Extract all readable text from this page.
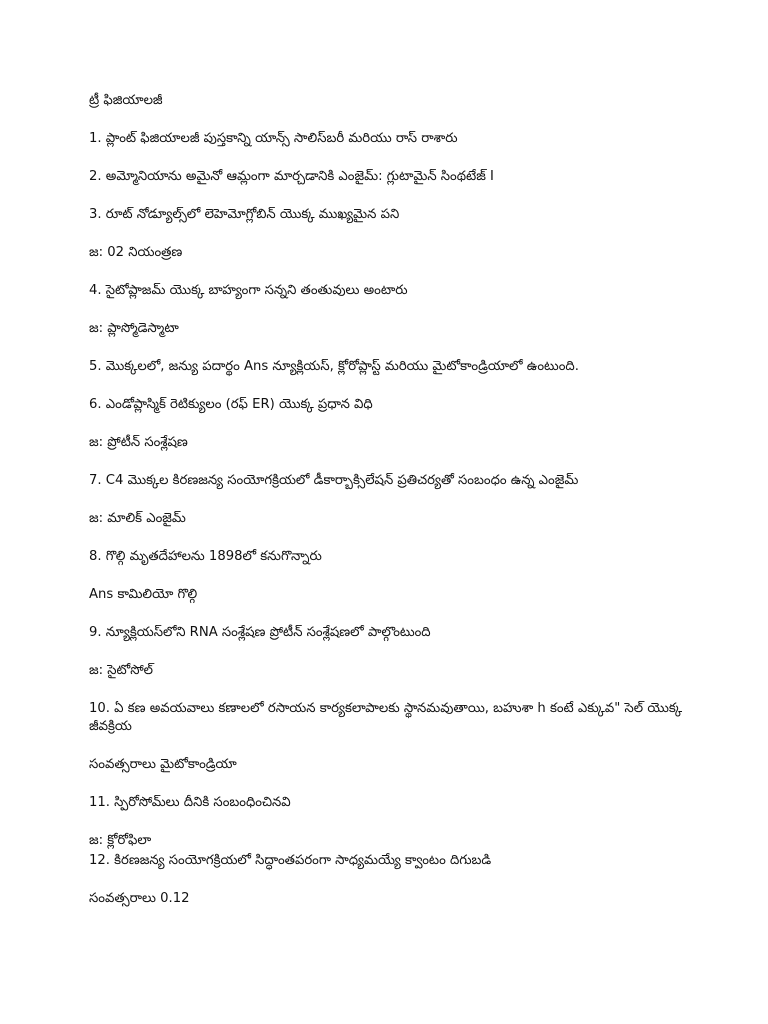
ట్రీ ఫిజియాలజీ

1. ప్లాంట్ ఫిజియాలజీ పుస్తకాన్ని యాన్స్ సాలిస్‌బరీ మరియు రాస్ రాశారు

2. అమ్మోనియాను అమైనో ఆమ్లంగా మార్చడానికి ఎంజైమ్: గ్లుటామైన్ సింథటేజ్ I

3. రూట్ నోడ్యూల్స్‌లో లెహెమోగ్లోబిన్ యొక్క ముఖ్యమైన పని

జ: 02 నియంత్రణ

4. సైటోప్లాజమ్ యొక్క బాహ్యంగా సన్నని తంతువులు అంటారు

జ: ప్లాస్మోడెస్మాటా

5. మొక్కలలో, జన్యు పదార్థం Ans న్యూక్లియస్, క్లోరోప్లాస్ట్ మరియు మైటోకాండ్రియాలో ఉంటుంది.

6. ఎండోప్లాస్మిక్ రెటిక్యులం (రఫ్ ER) యొక్క ప్రధాన విధి

జ: ప్రోటీన్ సంశ్లేషణ

7. C4 మొక్కల కిరణజన్య సంయోగక్రియలో డీకార్బాక్సిలేషన్ ప్రతిచర్యతో సంబంధం ఉన్న ఎంజైమ్

జ: మాలిక్ ఎంజైమ్

8. గొల్గి మృతదేహాలను 1898లో కనుగొన్నారు

Ans కామిలియో గొల్గి

9. న్యూక్లియస్‌లోని RNA సంశ్లేషణ ప్రోటీన్ సంశ్లేషణలో పాల్గొంటుంది

జ: సైటోసోల్

10. ఏ కణ అవయవాలు కణాలలో రసాయన కార్యకలాపాలకు స్థానమవుతాయి, బహుశా h కంటే ఎక్కువ" సెల్ యొక్క జీవక్రియ

సంవత్సరాలు మైటోకాండ్రియా

11. స్పిరోసోమ్‌లు దీనికి సంబంధించినవి

జ: క్లోరోఫిలా

12. కిరణజన్య సంయోగక్రియలో సిద్ధాంతపరంగా సాధ్యమయ్యే క్వాంటం దిగుబడి

సంవత్సరాలు 0.12
